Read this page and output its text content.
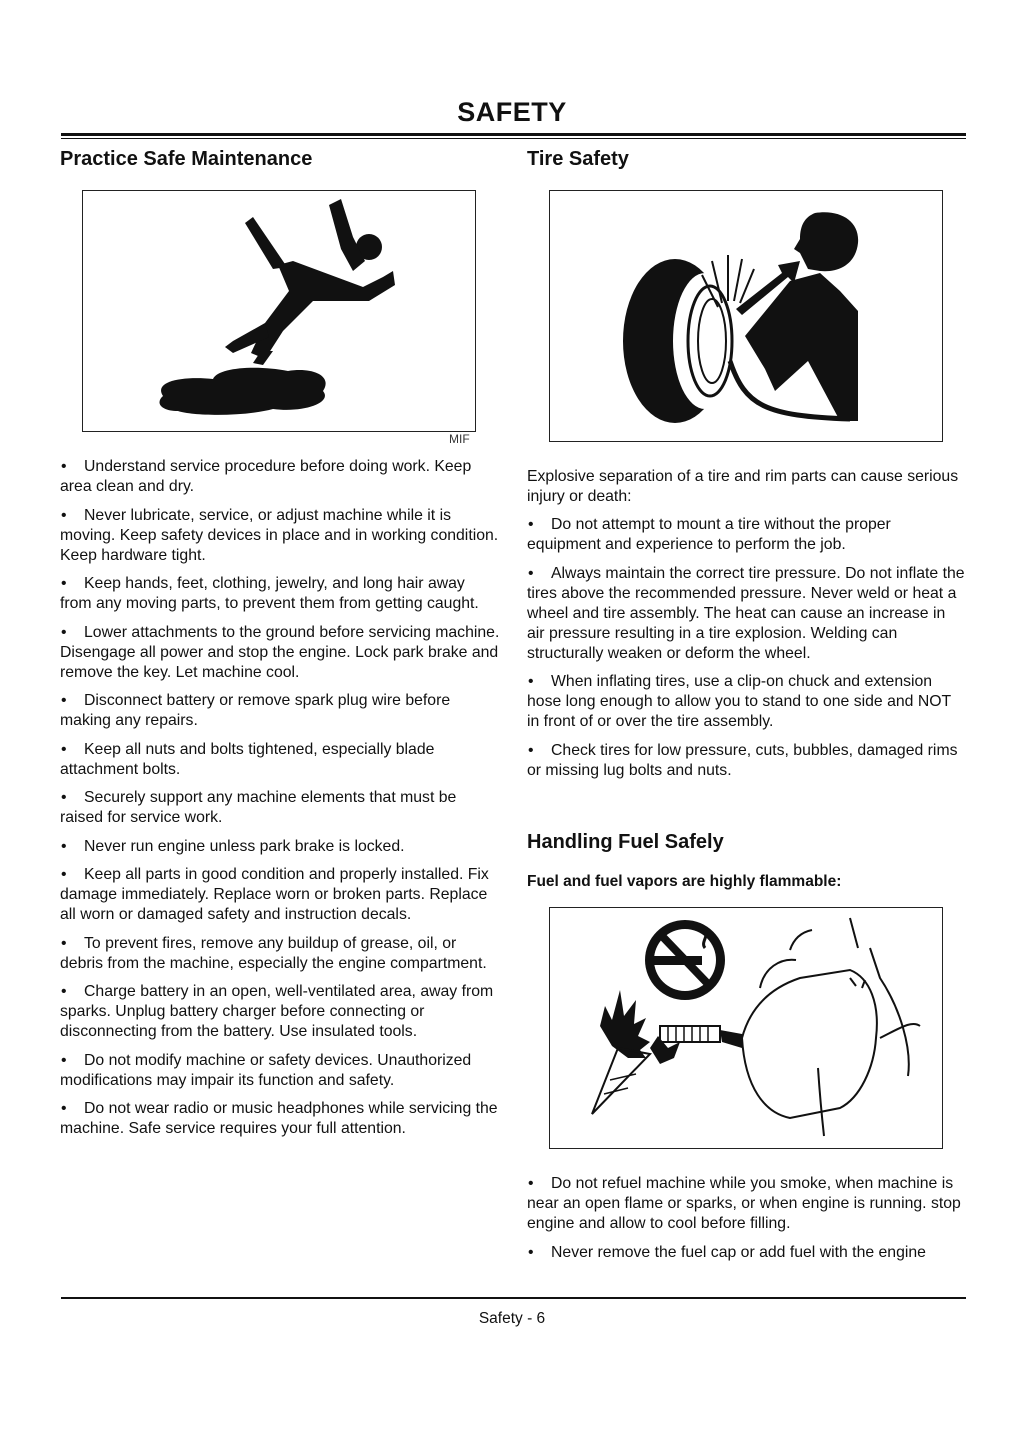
SAFETY
Practice Safe Maintenance
MIF
• Understand service procedure before doing work. Keep area clean and dry.
• Never lubricate, service, or adjust machine while it is moving. Keep safety devices in place and in working condition. Keep hardware tight.
• Keep hands, feet, clothing, jewelry, and long hair away from any moving parts, to prevent them from getting caught.
• Lower attachments to the ground before servicing machine. Disengage all power and stop the engine. Lock park brake and remove the key. Let machine cool.
• Disconnect battery or remove spark plug wire before making any repairs.
• Keep all nuts and bolts tightened, especially blade attachment bolts.
• Securely support any machine elements that must be raised for service work.
• Never run engine unless park brake is locked.
• Keep all parts in good condition and properly installed. Fix damage immediately. Replace worn or broken parts. Replace all worn or damaged safety and instruction decals.
• To prevent fires, remove any buildup of grease, oil, or debris from the machine, especially the engine compartment.
• Charge battery in an open, well-ventilated area, away from sparks. Unplug battery charger before connecting or disconnecting from the battery. Use insulated tools.
• Do not modify machine or safety devices. Unauthorized modifications may impair its function and safety.
• Do not wear radio or music headphones while servicing the machine. Safe service requires your full attention.
Tire Safety

Explosive separation of a tire and rim parts can cause serious injury or death:

• Do not attempt to mount a tire without the proper equipment and experience to perform the job.
• Always maintain the correct tire pressure. Do not inflate the tires above the recommended pressure. Never weld or heat a wheel and tire assembly. The heat can cause an increase in air pressure resulting in a tire explosion. Welding can structurally weaken or deform the wheel.
• When inflating tires, use a clip-on chuck and extension hose long enough to allow you to stand to one side and NOT in front of or over the tire assembly.
• Check tires for low pressure, cuts, bubbles, damaged rims or missing lug bolts and nuts.
Handling Fuel Safely
Fuel and fuel vapors are highly flammable:
• Do not refuel machine while you smoke, when machine is near an open flame or sparks, or when engine is running. stop engine and allow to cool before filling.
• Never remove the fuel cap or add fuel with the engine
Safety - 6
